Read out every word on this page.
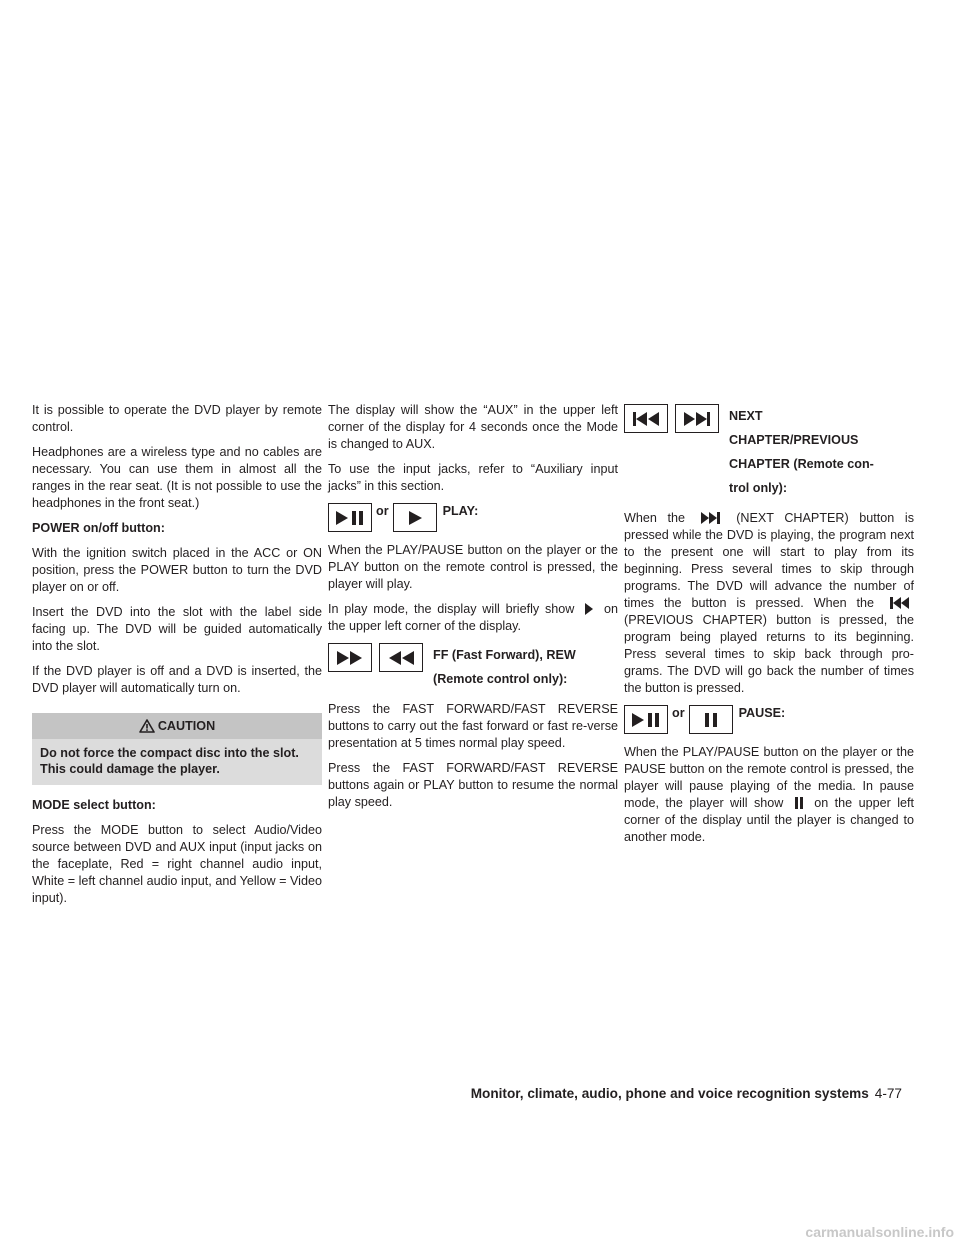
It is possible to operate the DVD player by remote control.

Headphones are a wireless type and no cables are necessary. You can use them in almost all the ranges in the rear seat. (It is not possible to use the headphones in the front seat.)

POWER on/off button:

With the ignition switch placed in the ACC or ON position, press the POWER button to turn the DVD player on or off.

Insert the DVD into the slot with the label side facing up. The DVD will be guided automatically into the slot.

If the DVD player is off and a DVD is inserted, the DVD player will automatically turn on.

CAUTION
Do not force the compact disc into the slot. This could damage the player.
MODE select button:

Press the MODE button to select Audio/Video source between DVD and AUX input (input jacks on the faceplate, Red = right channel audio input, White = left channel audio input, and Yellow = Video input).

The display will show the “AUX” in the upper left corner of the display for 4 seconds once the Mode is changed to AUX.

To use the input jacks, refer to “Auxiliary input jacks” in this section.

or	PLAY:

When the PLAY/PAUSE button on the player or the PLAY button on the remote control is pressed, the player will play.

In play mode, the display will briefly show on the upper left corner of the display.

FF (Fast Forward), REW
(Remote control only):

Press the FAST FORWARD/FAST REVERSE buttons to carry out the fast forward or fast re-verse presentation at 5 times normal play speed.

Press the FAST FORWARD/FAST REVERSE buttons again or PLAY button to resume the normal play speed.

NEXT
CHAPTER/PREVIOUS
CHAPTER (Remote con-
trol only):

When the	(NEXT CHAPTER) button is pressed while the DVD is playing, the program next to the present one will start to play from its beginning. Press several times to skip through programs. The DVD will advance the number of times the button is pressed. When the  (PREVIOUS CHAPTER) button is pressed, the program being played returns to its beginning. Press several times to skip back through pro-grams. The DVD will go back the number of times the button is pressed.

or	PAUSE:

When the PLAY/PAUSE button on the player or the PAUSE button on the remote control is pressed, the player will pause playing of the media. In pause mode, the player will show on the upper left corner of the display until the player is changed to another mode.

Monitor, climate, audio, phone and voice recognition systems 4-77
carmanualsonline.info
